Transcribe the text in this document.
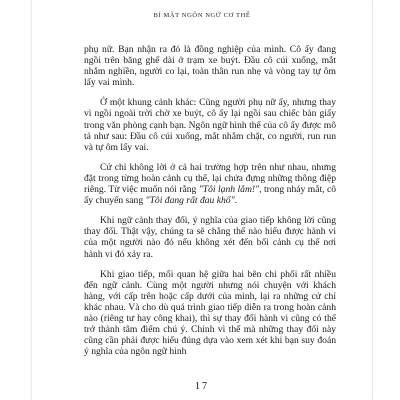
BÍ MẬT NGÔN NGỮ CƠ THỂ

phụ nữ. Bạn nhận ra đó là đồng nghiệp của mình. Cô ấy đang ngồi trên băng ghế dài ở trạm xe buýt. Đầu cô cúi xuống, mắt nhắm nghiền, người co lại, toàn thân run nhẹ và vòng tay tự ôm lấy vai mình.

Ở một khung cảnh khác: Cũng người phụ nữ ấy, nhưng thay vì ngồi ngoài trời chờ xe buýt, cô ấy lại ngồi sau chiếc bàn giấy trong văn phòng cạnh bạn. Ngôn ngữ hình thể của cô ấy được mô tả như sau: Đầu cô cúi xuống, mắt nhắm chặt, co người, run run và tự ôm lấy vai.

Cứ chỉ không lời ở cả hai trường hợp trên như nhau, nhưng đặt trong từng hoàn cảnh cụ thể, lại chứa đựng những thông điệp riêng. Từ việc muốn nói rằng "Tôi lạnh lắm!", trong nháy mắt, cô ấy chuyển sang "Tôi đang rất đau khổ".

Khi ngữ cảnh thay đổi, ý nghĩa của giao tiếp không lời cũng thay đổi. Thật vậy, chúng ta sẽ chẳng thể nào hiểu được hành vi của một người nào đó nếu không xét đến bối cảnh cụ thể nơi hành vi đó xảy ra.

Khi giao tiếp, mối quan hệ giữa hai bên chi phối rất nhiều đến ngữ cảnh. Cùng một người nhưng nói chuyện với khách hàng, với cấp trên hoặc cấp dưới của mình, lại ra những cử chỉ khác nhau. Và cho dù quá trình giao tiếp diễn ra trong hoàn cảnh nào (riêng tư hay công khai), thì sự thay đổi hành vi cũng có thể trở thành tâm điểm chú ý. Chính vì thế mà những thay đổi này cũng cần phải được hiểu đúng dựa vào xem xét khi bạn suy đoán ý nghĩa của ngôn ngữ hình

17
